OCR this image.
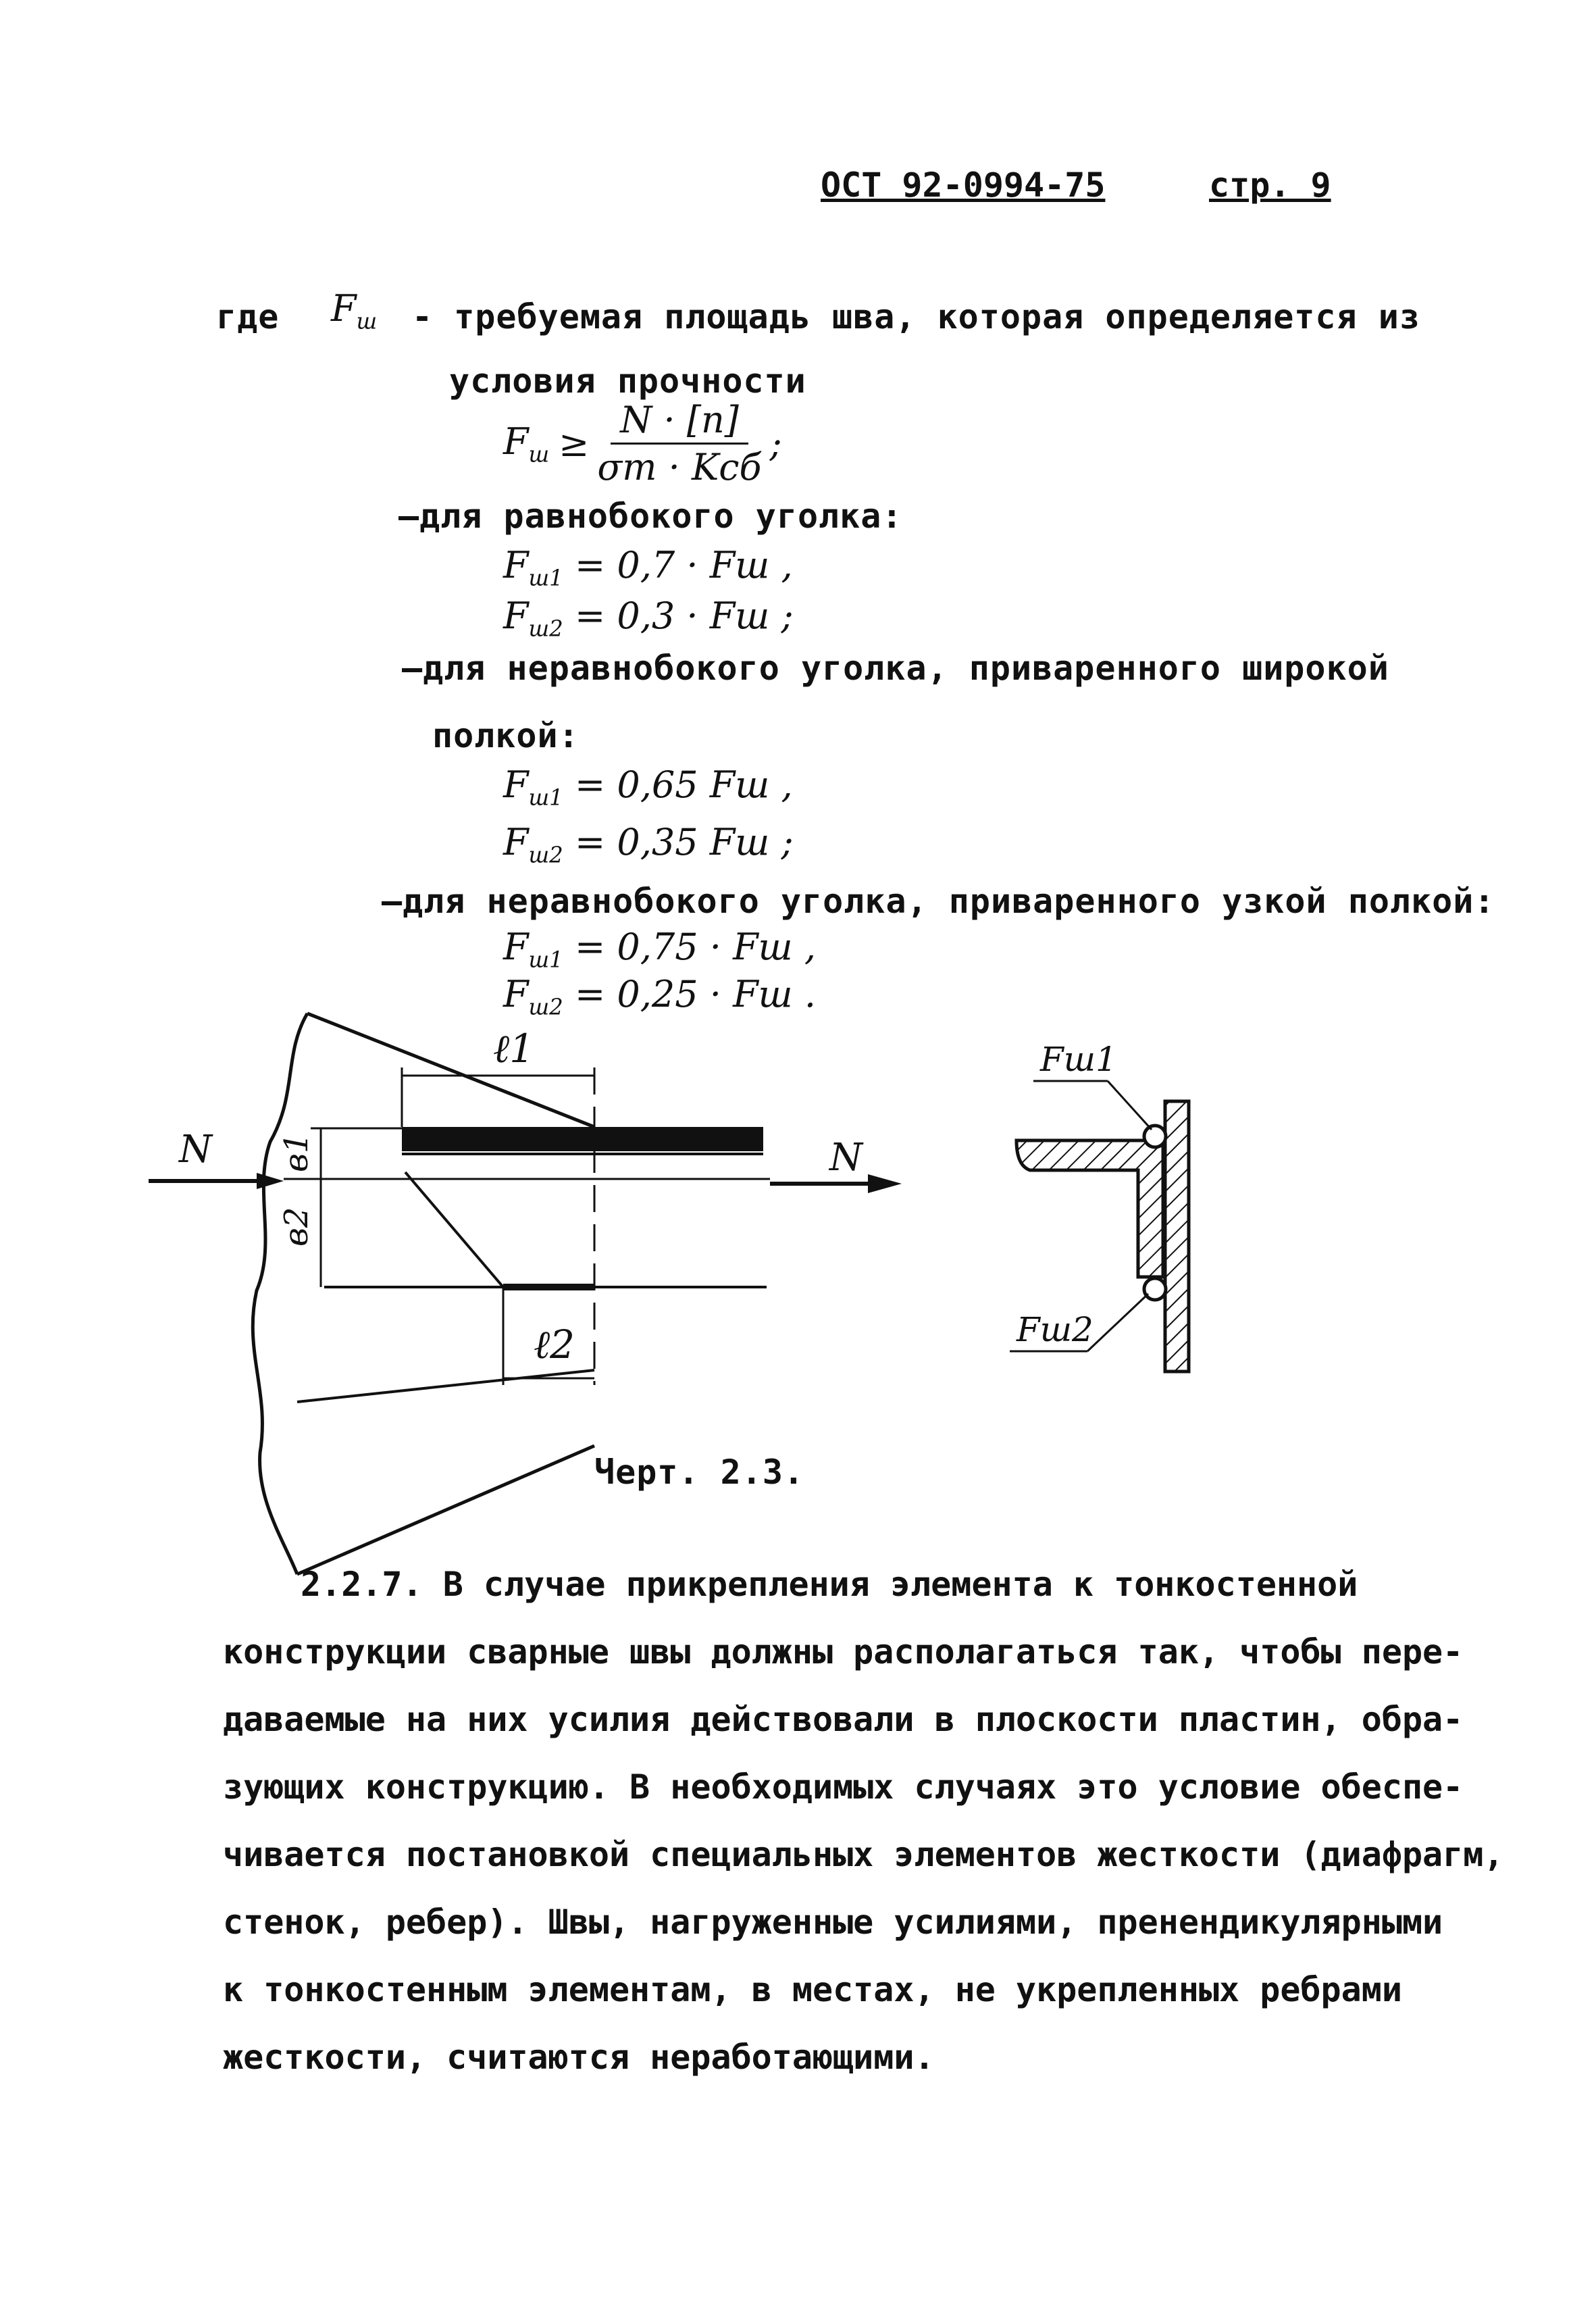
ОСТ 92-0994-75	стр. 9
где $F_ш$ - требуемая площадь шва, которая определяется из
условия прочности
$F_ш \ge \frac{N \cdot [n]}{\text{σт · Kсб}}$ ;
–для равнобокого уголка:
$F_{ш1} = 0,7$ · Fш ,
$F_{ш2} = 0,3$ · Fш ;
–для неравнобокого уголка, приваренного широкой
полкой:
$F_{ш1} = 0,65$ Fш ,
$F_{ш2} = 0,35$ Fш ;
–для неравнобокого уголка, приваренного узкой полкой:
$F_{ш1} = 0,75$ · Fш ,
$F_{ш2} = 0,25$ · Fш .
ℓ1
ℓ2
в1
в2
N	N
Fш1
Fш2
Черт. 2.3.
2.2.7. В случае прикрепления элемента к тонкостенной
конструкции сварные швы должны располагаться так, чтобы пере-
даваемые на них усилия действовали в плоскости пластин, обра-
зующих конструкцию. В необходимых случаях это условие обеспе-
чивается постановкой специальных элементов жесткости (диафрагм,
стенок, ребер). Швы, нагруженные усилиями, пренендикулярными
к тонкостенным элементам, в местах, не укрепленных ребрами
жесткости, считаются неработающими.
